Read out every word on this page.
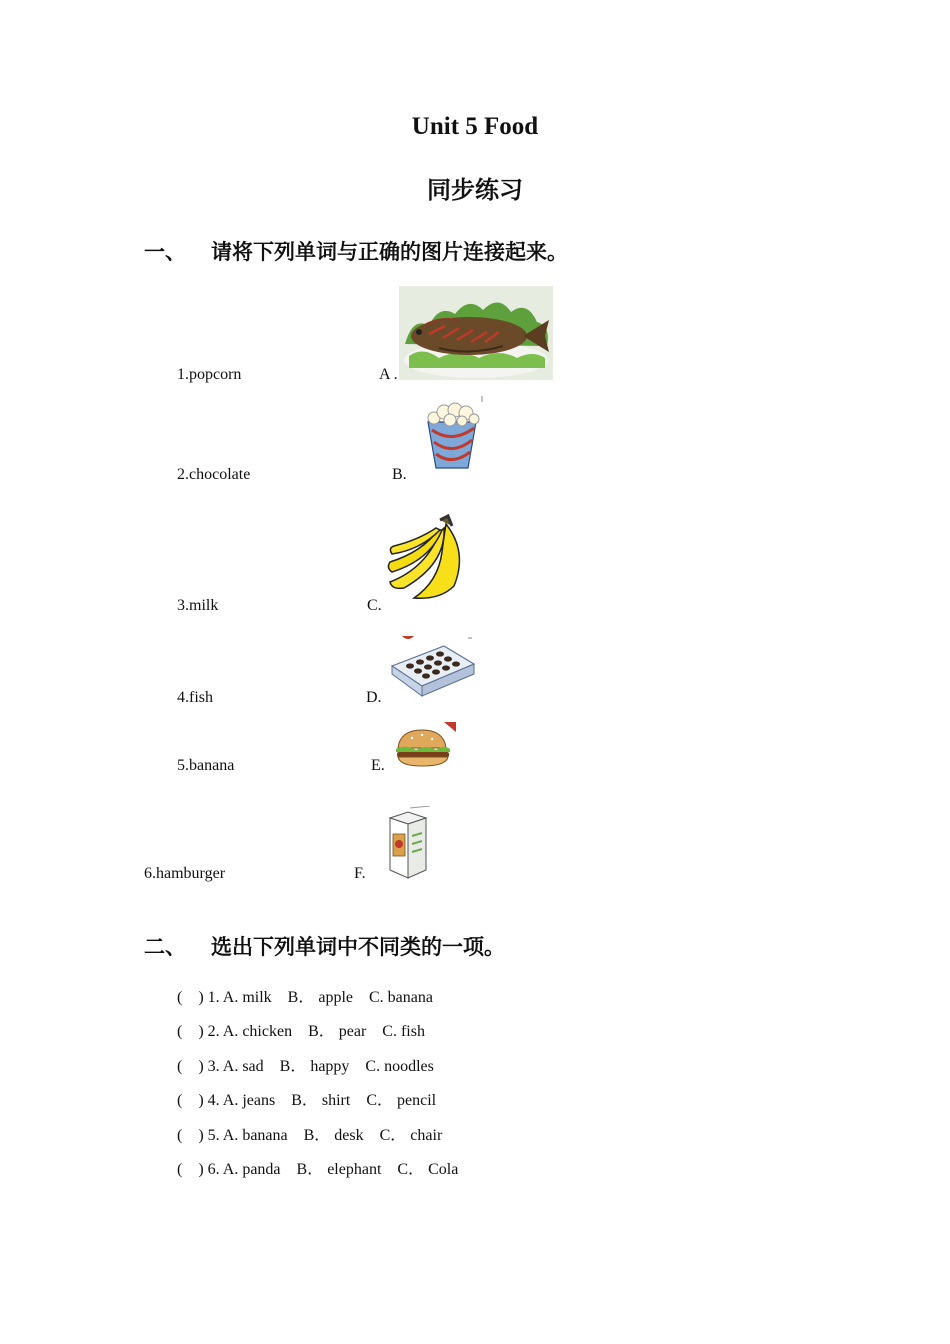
Unit 5 Food
同步练习
一、 请将下列单词与正确的图片连接起来。
1.popcorn
2.chocolate
3.milk
4.fish
5.banana
6.hamburger
A .
B.
C.
D.
E.
F.
二、 选出下列单词中不同类的一项。
(    ) 1. A. milk    B． apple    C. banana
(    ) 2. A. chicken    B． pear    C. fish
(    ) 3. A. sad    B． happy    C. noodles
(    ) 4. A. jeans    B． shirt    C． pencil
(    ) 5. A. banana    B． desk    C． chair
(    ) 6. A. panda    B． elephant    C． Cola
